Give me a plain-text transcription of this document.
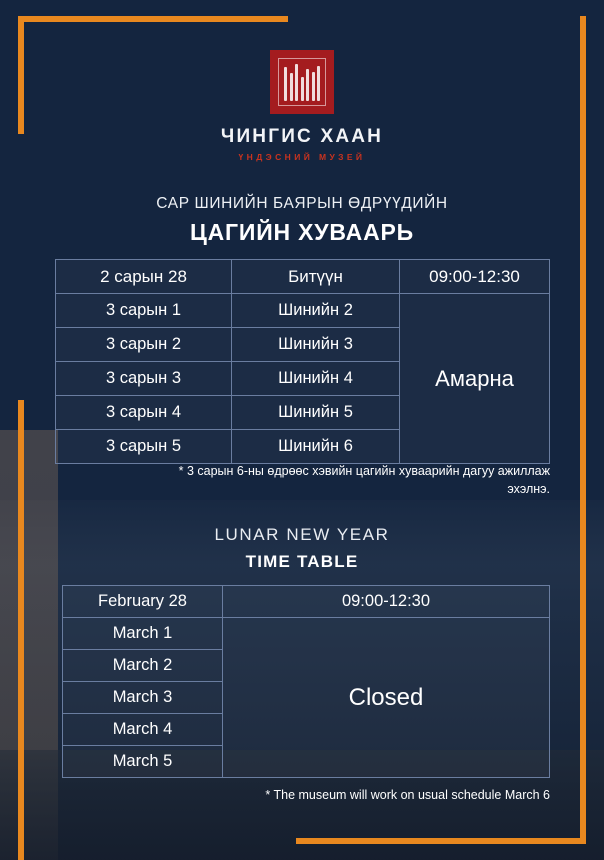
ЧИНГИС ХААН
ҮНДЭСНИЙ МУЗЕЙ
САР ШИНИЙН БАЯРЫН ӨДРҮҮДИЙН
ЦАГИЙН ХУВААРЬ
2 сарын 28	Битүүн	09:00-12:30
3 сарын 1	Шинийн 2	Амарна
3 сарын 2	Шинийн 3	
3 сарын 3	Шинийн 4	
3 сарын 4	Шинийн 5	
3 сарын 5	Шинийн 6	
* 3 сарын 6-ны өдрөөс хэвийн цагийн хуваарийн дагуу ажиллаж эхэлнэ.
LUNAR NEW YEAR
TIME TABLE
February 28	09:00-12:30
March 1	Closed
March 2	
March 3	
March 4	
March 5	
* The museum will work on usual schedule March 6
